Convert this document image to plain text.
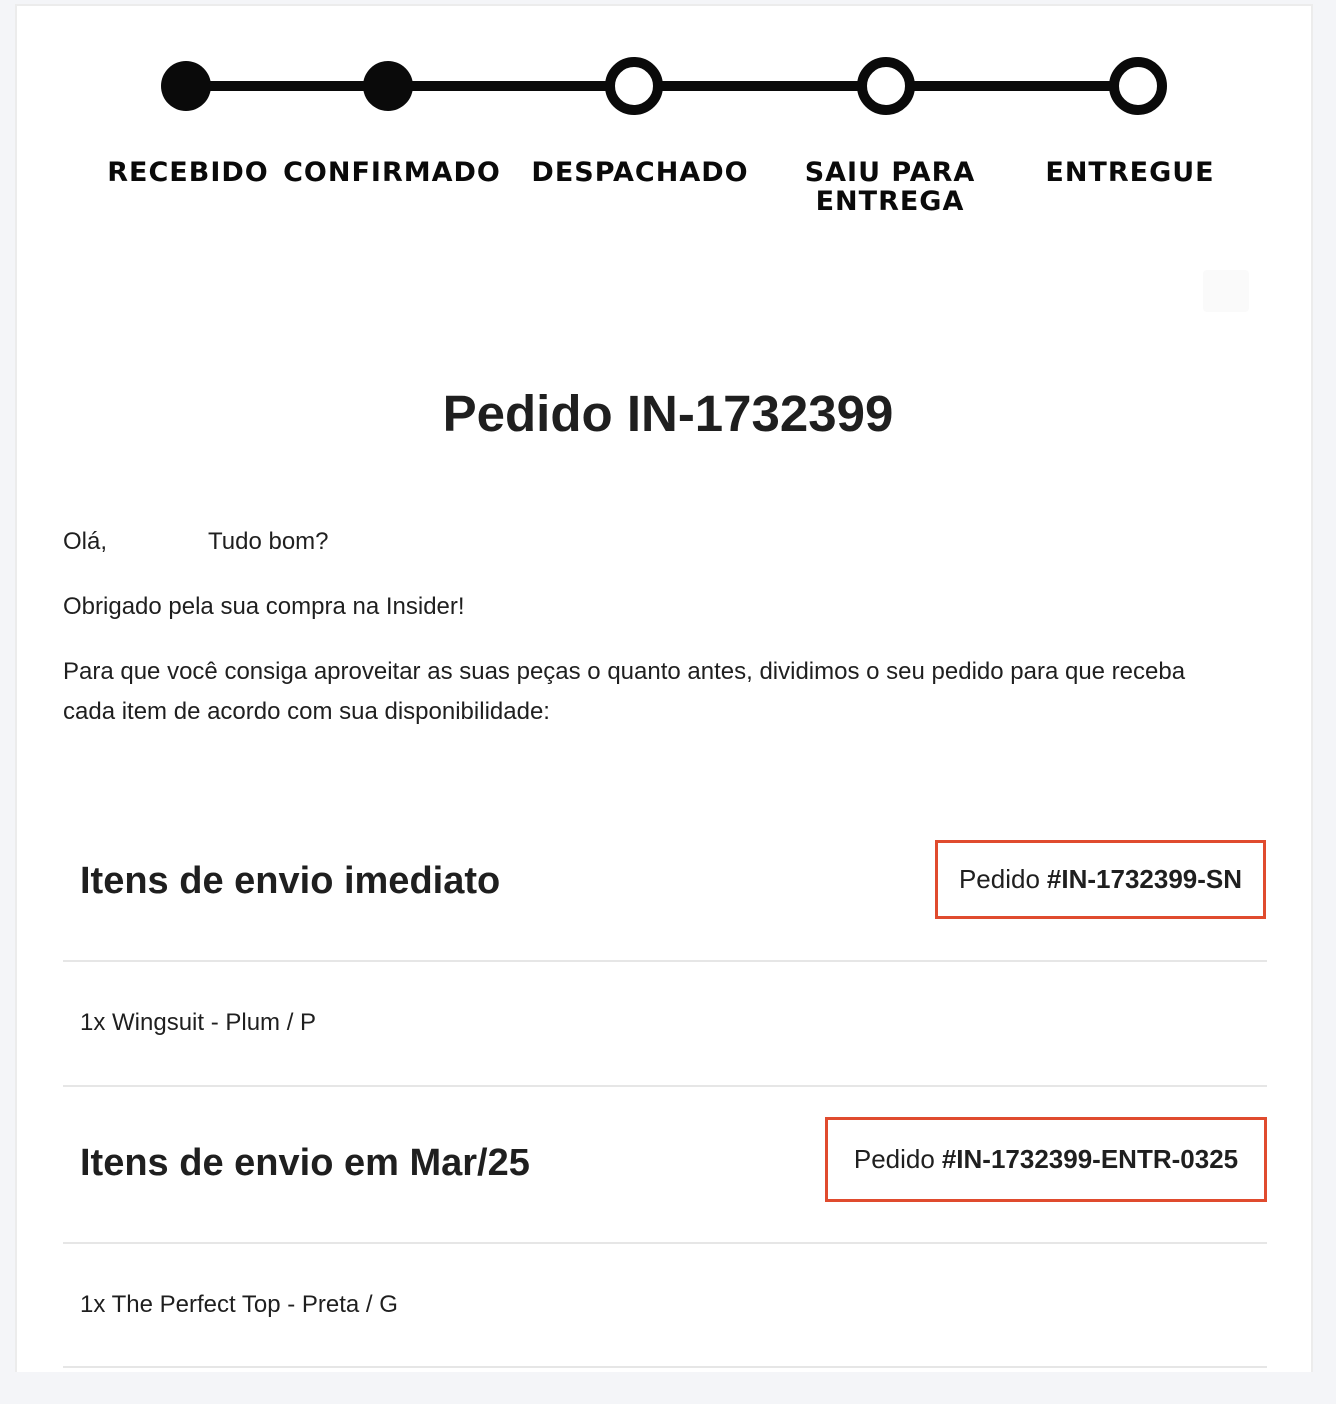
RECEBIDO CONFIRMADO DESPACHADO SAIU PARA
ENTREGA
ENTREGUE
Pedido IN-1732399

Olá,	Tudo bom?

Obrigado pela sua compra na Insider!

Para que você consiga aproveitar as suas peças o quanto antes, dividimos o seu pedido para que receba cada item de acordo com sua disponibilidade:

Itens de envio imediato	Pedido #IN-1732399-SN
1x Wingsuit - Plum / P
Itens de envio em Mar/25	Pedido #IN-1732399-ENTR-0325
1x The Perfect Top - Preta / G
